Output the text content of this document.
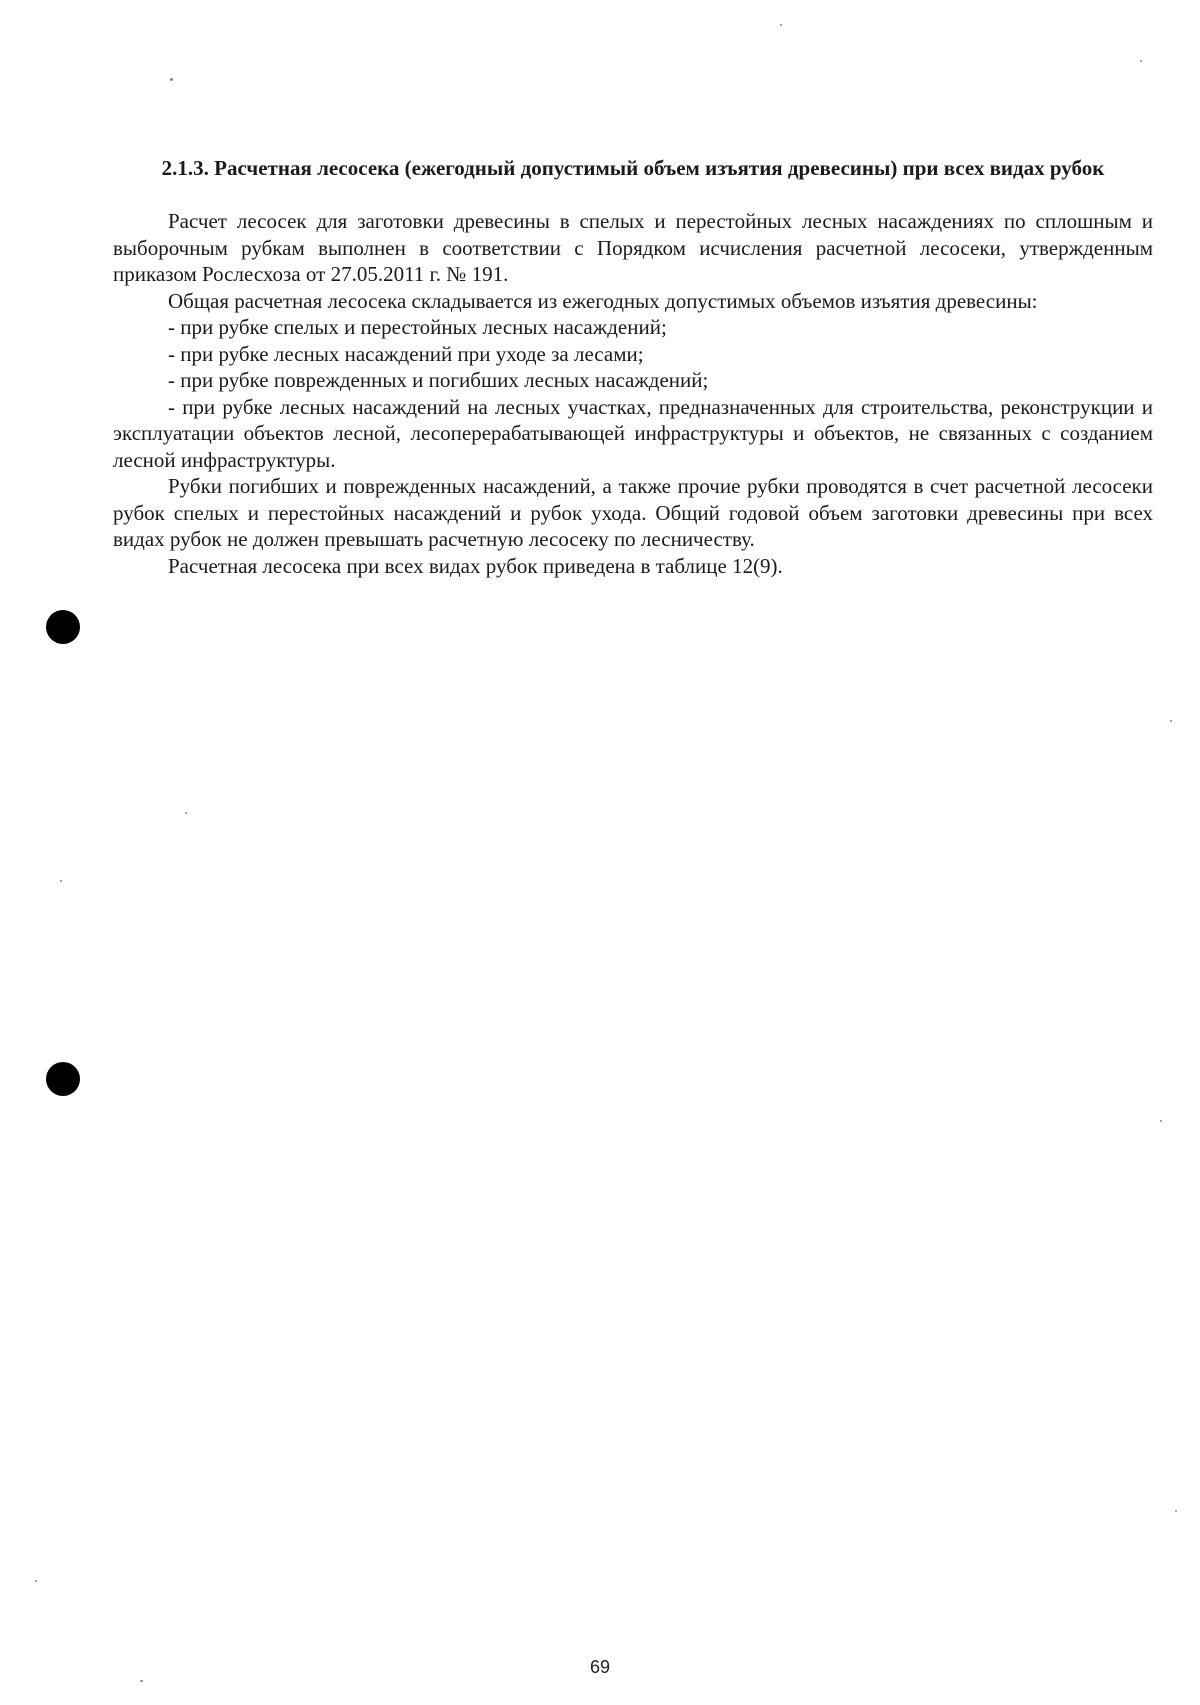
2.1.3. Расчетная лесосека (ежегодный допустимый объем изъятия древесины) при всех видах рубок

Расчет лесосек для заготовки древесины в спелых и перестойных лесных насаждениях по сплошным и выборочным рубкам выполнен в соответствии с Порядком исчисления расчетной лесосеки, утвержденным приказом Рослесхоза от 27.05.2011 г. № 191.

Общая расчетная лесосека складывается из ежегодных допустимых объемов изъятия древесины:

- при рубке спелых и перестойных лесных насаждений;

- при рубке лесных насаждений при уходе за лесами;

- при рубке поврежденных и погибших лесных насаждений;

- при рубке лесных насаждений на лесных участках, предназначенных для строительства, реконструкции и эксплуатации объектов лесной, лесоперерабатывающей инфраструктуры и объектов, не связанных с созданием лесной инфраструктуры.

Рубки погибших и поврежденных насаждений, а также прочие рубки проводятся в счет расчетной лесосеки рубок спелых и перестойных насаждений и рубок ухода. Общий годовой объем заготовки древесины при всех видах рубок не должен превышать расчетную лесосеку по лесничеству.

Расчетная лесосека при всех видах рубок приведена в таблице 12(9).

69
